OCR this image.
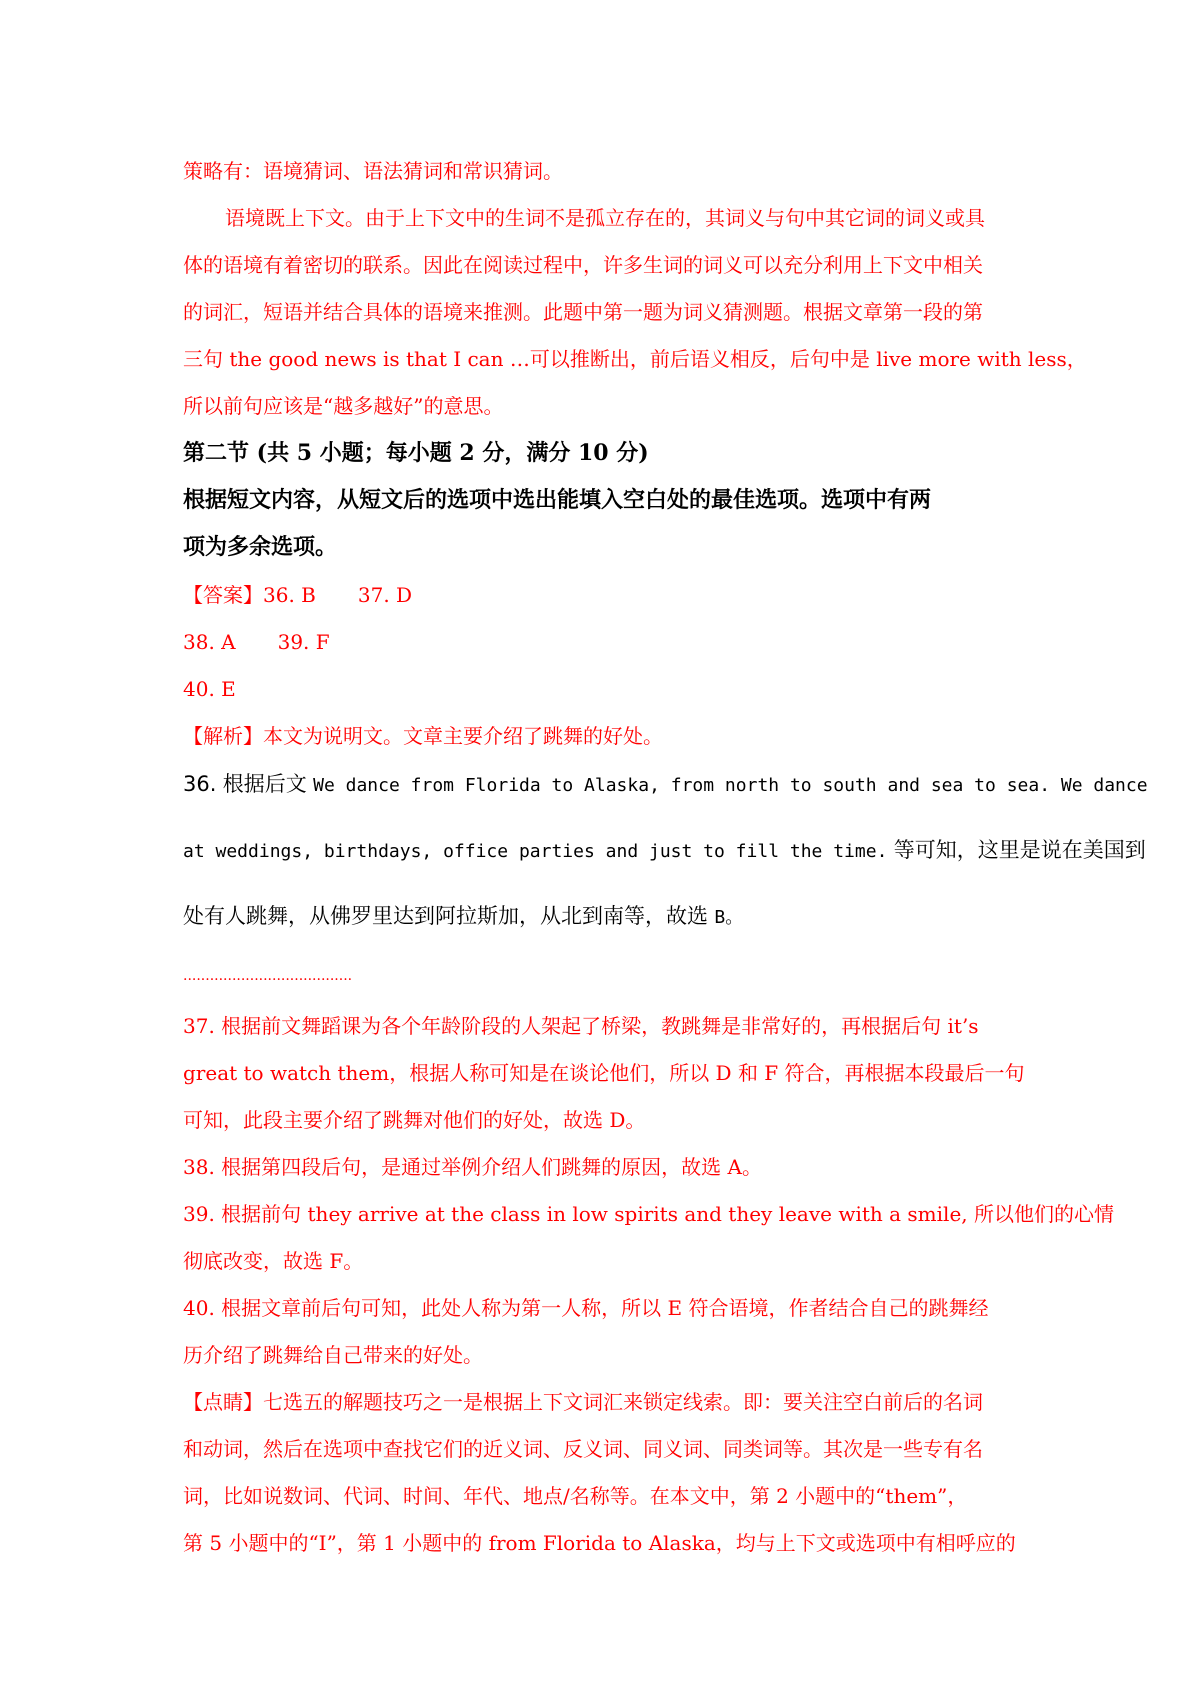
策略有：语境猜词、语法猜词和常识猜词。
语境既上下文。由于上下文中的生词不是孤立存在的，其词义与句中其它词的词义或具
体的语境有着密切的联系。因此在阅读过程中，许多生词的词义可以充分利用上下文中相关
的词汇，短语并结合具体的语境来推测。此题中第一题为词义猜测题。根据文章第一段的第
三句 the good news is that I can …可以推断出，前后语义相反，后句中是 live more with less，
所以前句应该是“越多越好”的意思。
第二节 (共 5 小题；每小题 2 分，满分 10 分)
根据短文内容，从短文后的选项中选出能填入空白处的最佳选项。选项中有两
项为多余选项。
【答案】36. B 37. D
38. A 39. F
40. E
【解析】本文为说明文。文章主要介绍了跳舞的好处。
36. 根据后文 We dance from Florida to Alaska, from north to south and sea to sea. We dance
at weddings, birthdays, office parties and just to fill the time. 等可知，这里是说在美国到
处有人跳舞，从佛罗里达到阿拉斯加，从北到南等，故选 B。
......................................
37. 根据前文舞蹈课为各个年龄阶段的人架起了桥梁，教跳舞是非常好的，再根据后句 it’s
great to watch them，根据人称可知是在谈论他们，所以 D 和 F 符合，再根据本段最后一句
可知，此段主要介绍了跳舞对他们的好处，故选 D。
38. 根据第四段后句，是通过举例介绍人们跳舞的原因，故选 A。
39. 根据前句 they arrive at the class in low spirits and they leave with a smile, 所以他们的心情
彻底改变，故选 F。
40. 根据文章前后句可知，此处人称为第一人称，所以 E 符合语境，作者结合自己的跳舞经
历介绍了跳舞给自己带来的好处。
【点睛】七选五的解题技巧之一是根据上下文词汇来锁定线索。即：要关注空白前后的名词
和动词，然后在选项中查找它们的近义词、反义词、同义词、同类词等。其次是一些专有名
词，比如说数词、代词、时间、年代、地点/名称等。在本文中，第 2 小题中的“them”，
第 5 小题中的“I”，第 1 小题中的 from Florida to Alaska，均与上下文或选项中有相呼应的
